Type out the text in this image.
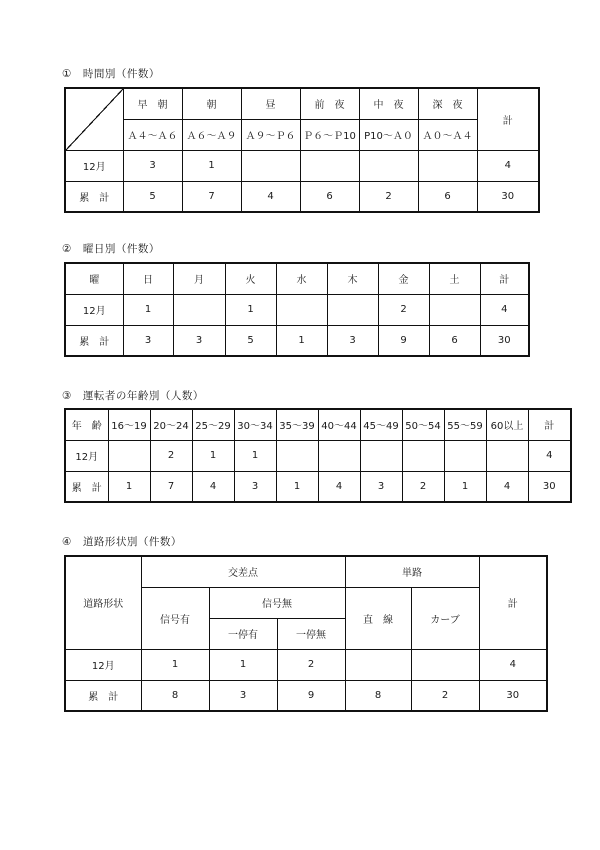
①　時間別（件数）
	早　朝	朝	昼	前　夜	中　夜	深　夜	計
	Ａ４～Ａ６	Ａ６～Ａ９	Ａ９～Ｐ６	Ｐ６～Ｐ10	P10～Ａ０	Ａ０～Ａ４	
12月	3	1					4
累　計	5	7	4	6	2	6	30
②　曜日別（件数）
曜	日	月	火	水	木	金	土	計
12月	1		1			2		4
累　計	3	3	5	1	3	9	6	30
③　運転者の年齢別（人数）
年　齢	16～19	20～24	25～29	30～34	35～39	40～44	45～49	50～54	55～59	60以上	計
12月		2	1	1							4
累　計	1	7	4	3	1	4	3	2	1	4	30
④　道路形状別（件数）
道路形状	交差点			単路		計
	信号有	信号無		直　線	カーブ	
		一停有	一停無			
12月	1	1	2			4
累　計	8	3	9	8	2	30
